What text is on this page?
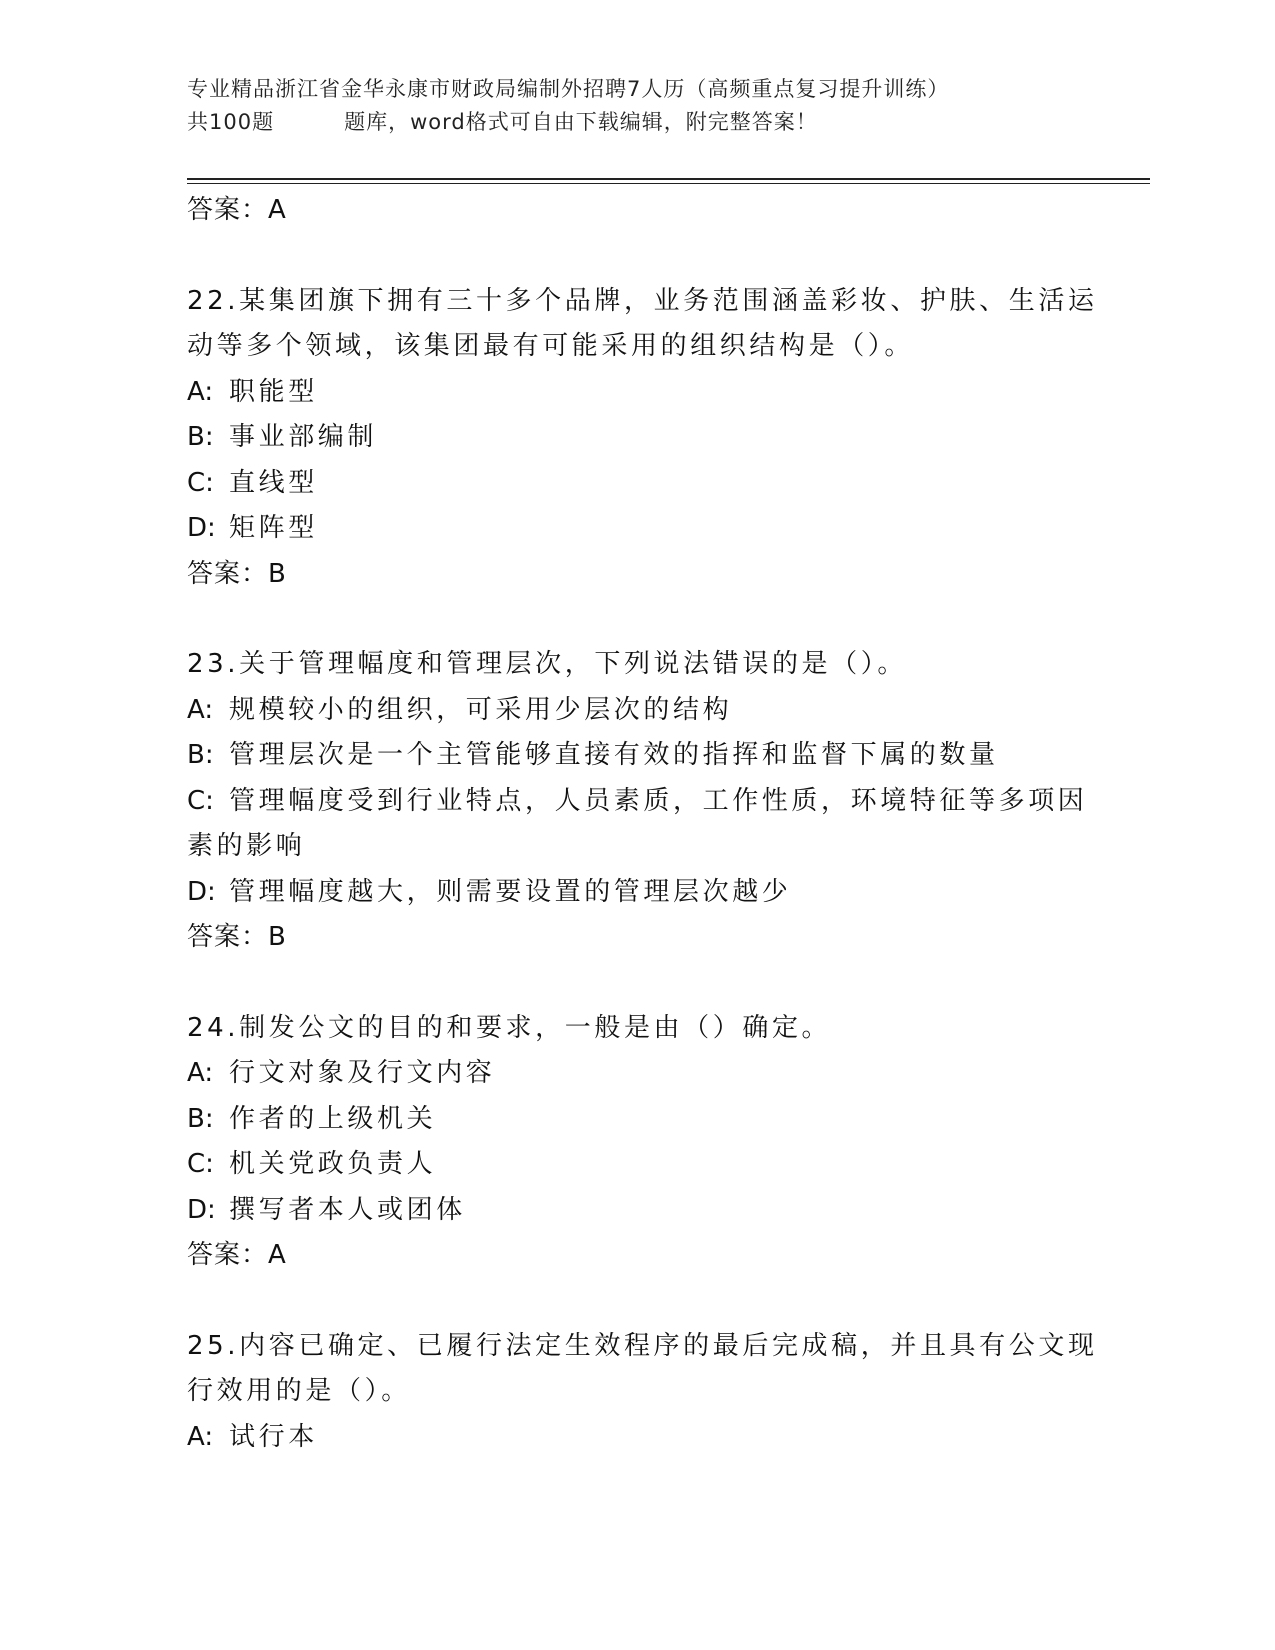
专业精品浙江省金华永康市财政局编制外招聘7人历（高频重点复习提升训练）
共100题	题库，word格式可自由下载编辑，附完整答案！
答案：A
22.某集团旗下拥有三十多个品牌，业务范围涵盖彩妆、护肤、生活运
动等多个领域，该集团最有可能采用的组织结构是（）。
A: 职能型
B: 事业部编制
C: 直线型
D: 矩阵型
答案：B
23.关于管理幅度和管理层次，下列说法错误的是（）。
A: 规模较小的组织，可采用少层次的结构
B: 管理层次是一个主管能够直接有效的指挥和监督下属的数量
C: 管理幅度受到行业特点，人员素质，工作性质，环境特征等多项因
素的影响
D: 管理幅度越大，则需要设置的管理层次越少
答案：B
24.制发公文的目的和要求，一般是由（）确定。
A: 行文对象及行文内容
B: 作者的上级机关
C: 机关党政负责人
D: 撰写者本人或团体
答案：A
25.内容已确定、已履行法定生效程序的最后完成稿，并且具有公文现
行效用的是（）。
A: 试行本
